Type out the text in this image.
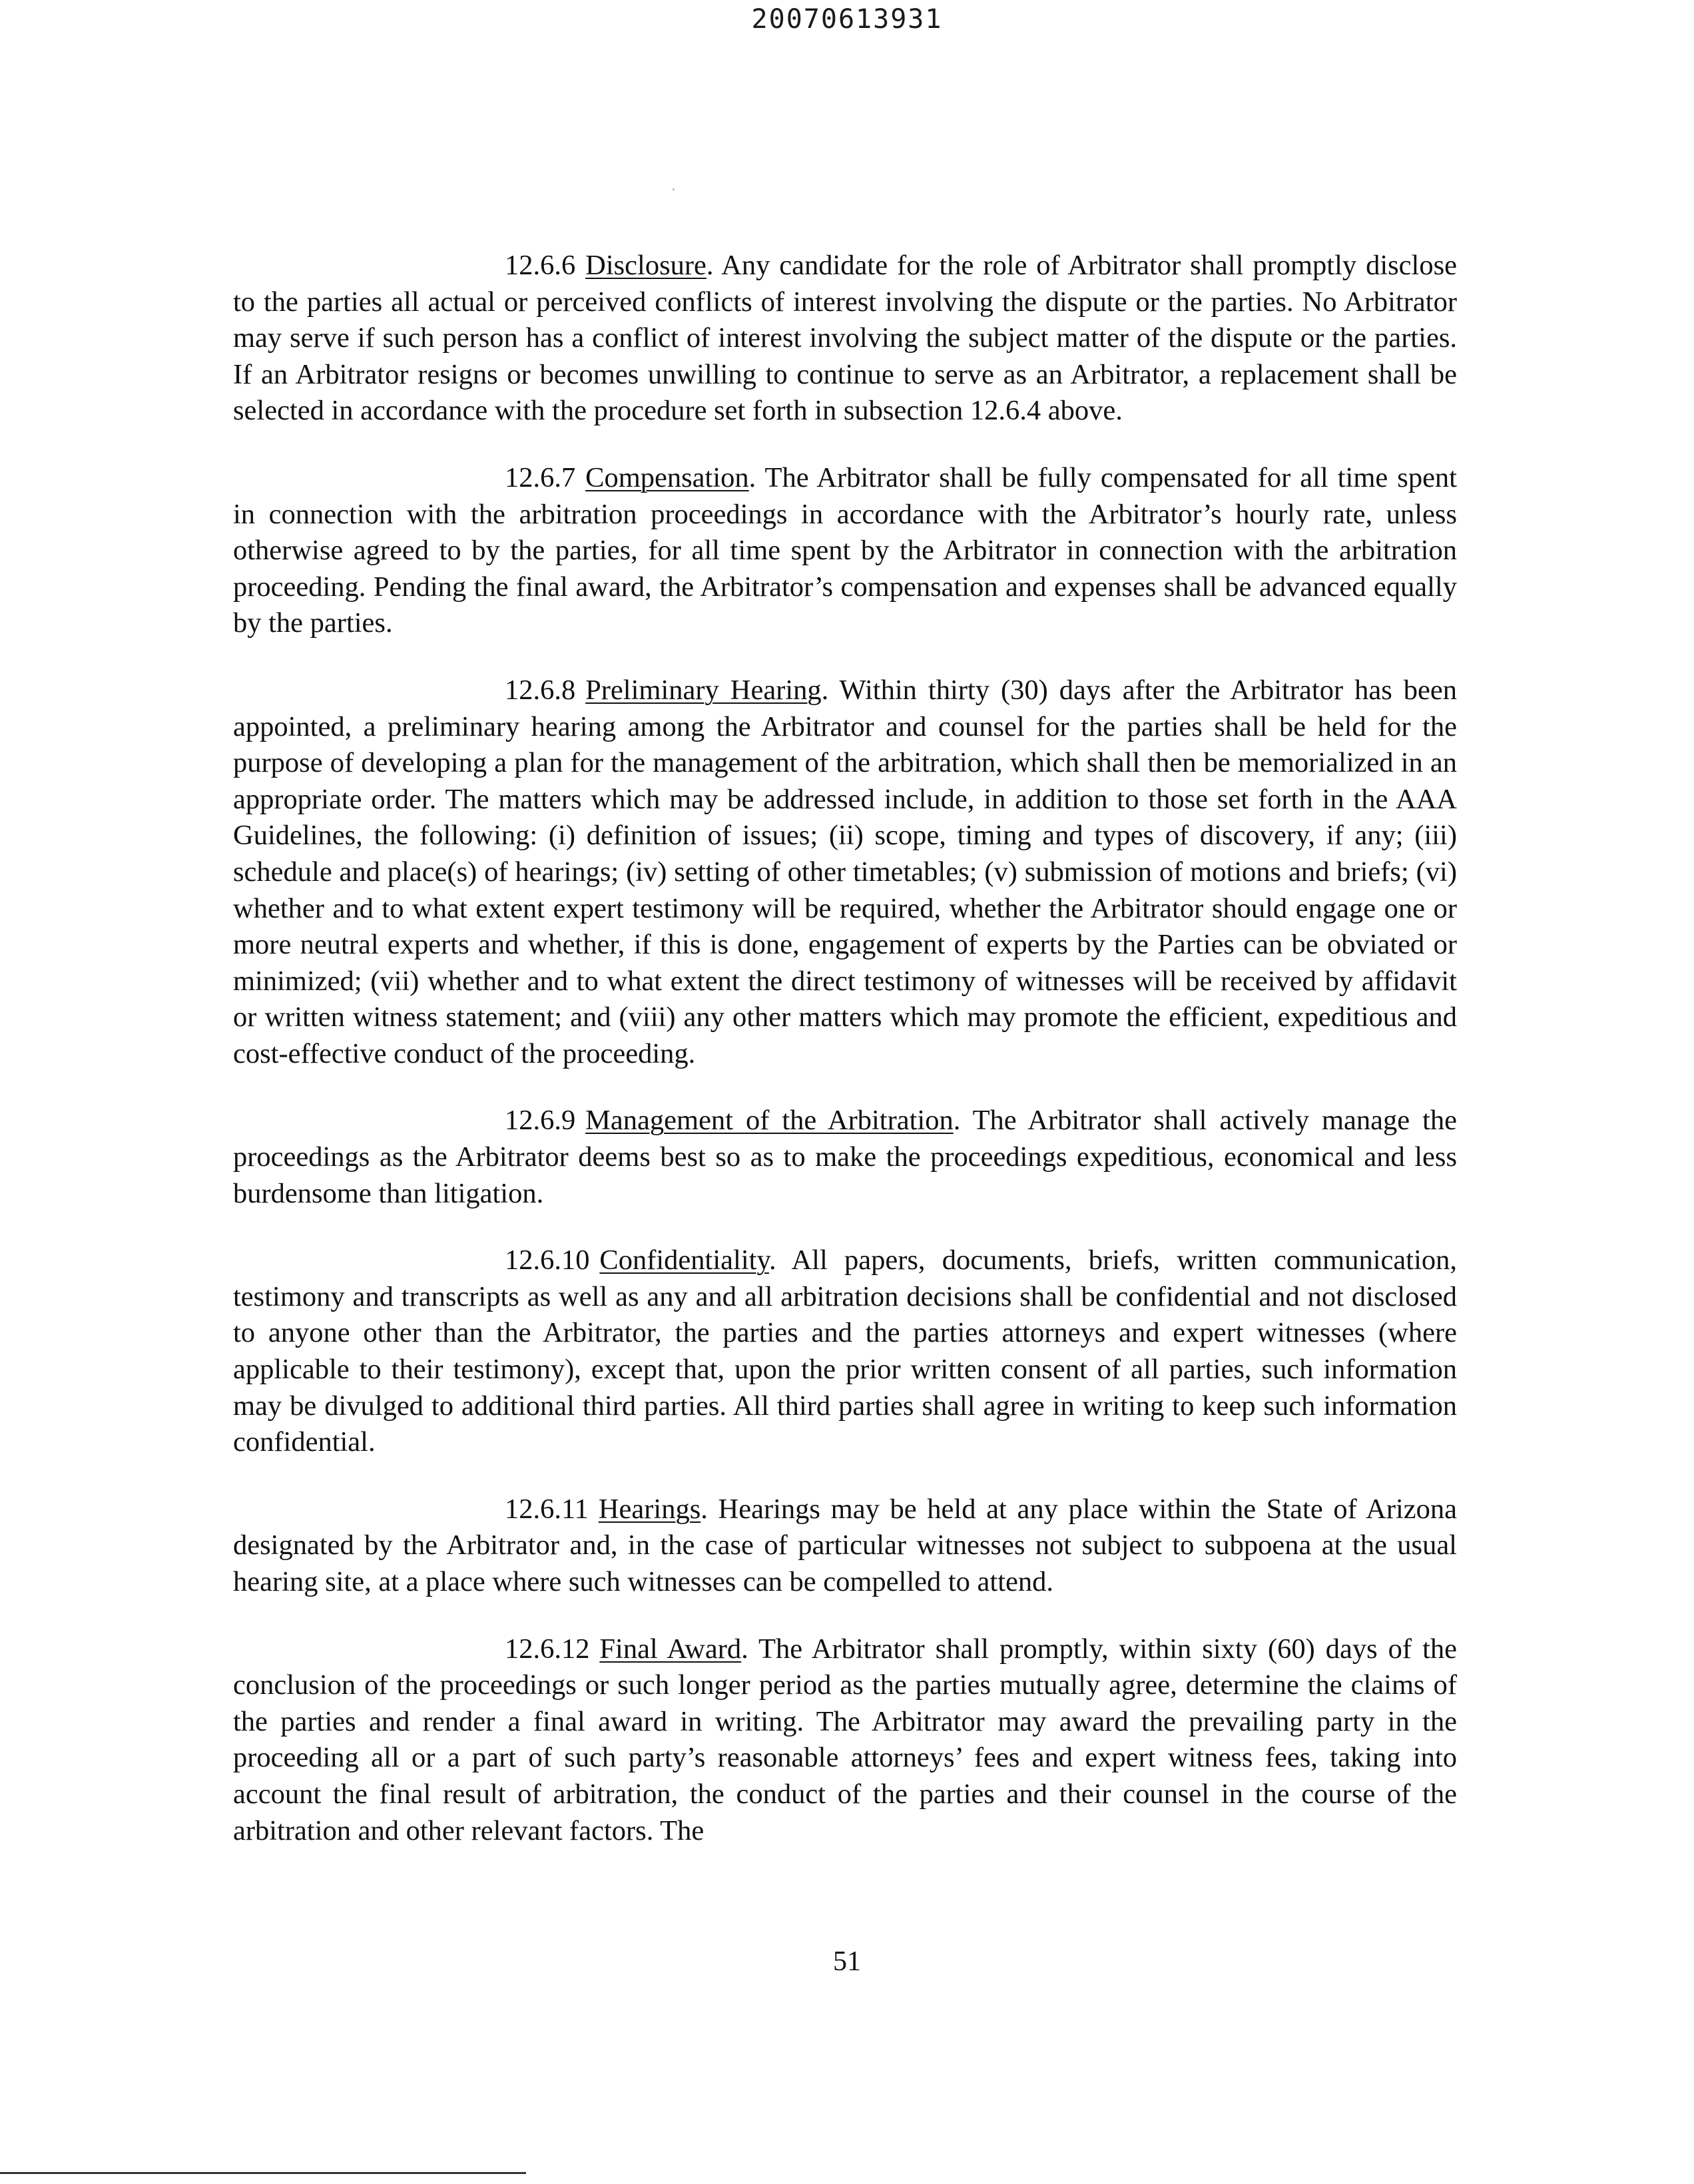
20070613931

12.6.6 Disclosure. Any candidate for the role of Arbitrator shall promptly disclose to the parties all actual or perceived conflicts of interest involving the dispute or the parties. No Arbitrator may serve if such person has a conflict of interest involving the subject matter of the dispute or the parties. If an Arbitrator resigns or becomes unwilling to continue to serve as an Arbitrator, a replacement shall be selected in accordance with the procedure set forth in subsection 12.6.4 above.

12.6.7 Compensation. The Arbitrator shall be fully compensated for all time spent in connection with the arbitration proceedings in accordance with the Arbitrator’s hourly rate, unless otherwise agreed to by the parties, for all time spent by the Arbitrator in connection with the arbitration proceeding. Pending the final award, the Arbitrator’s compensation and expenses shall be advanced equally by the parties.

12.6.8 Preliminary Hearing. Within thirty (30) days after the Arbitrator has been appointed, a preliminary hearing among the Arbitrator and counsel for the parties shall be held for the purpose of developing a plan for the management of the arbitration, which shall then be memorialized in an appropriate order. The matters which may be addressed include, in addition to those set forth in the AAA Guidelines, the following: (i) definition of issues; (ii) scope, timing and types of discovery, if any; (iii) schedule and place(s) of hearings; (iv) setting of other timetables; (v) submission of motions and briefs; (vi) whether and to what extent expert testimony will be required, whether the Arbitrator should engage one or more neutral experts and whether, if this is done, engagement of experts by the Parties can be obviated or minimized; (vii) whether and to what extent the direct testimony of witnesses will be received by affidavit or written witness statement; and (viii) any other matters which may promote the efficient, expeditious and cost-effective conduct of the proceeding.

12.6.9 Management of the Arbitration. The Arbitrator shall actively manage the proceedings as the Arbitrator deems best so as to make the proceedings expeditious, economical and less burdensome than litigation.

12.6.10 Confidentiality. All papers, documents, briefs, written communication, testimony and transcripts as well as any and all arbitration decisions shall be confidential and not disclosed to anyone other than the Arbitrator, the parties and the parties attorneys and expert witnesses (where applicable to their testimony), except that, upon the prior written consent of all parties, such information may be divulged to additional third parties. All third parties shall agree in writing to keep such information confidential.

12.6.11 Hearings. Hearings may be held at any place within the State of Arizona designated by the Arbitrator and, in the case of particular witnesses not subject to subpoena at the usual hearing site, at a place where such witnesses can be compelled to attend.

12.6.12 Final Award. The Arbitrator shall promptly, within sixty (60) days of the conclusion of the proceedings or such longer period as the parties mutually agree, determine the claims of the parties and render a final award in writing. The Arbitrator may award the prevailing party in the proceeding all or a part of such party’s reasonable attorneys’ fees and expert witness fees, taking into account the final result of arbitration, the conduct of the parties and their counsel in the course of the arbitration and other relevant factors. The

51
